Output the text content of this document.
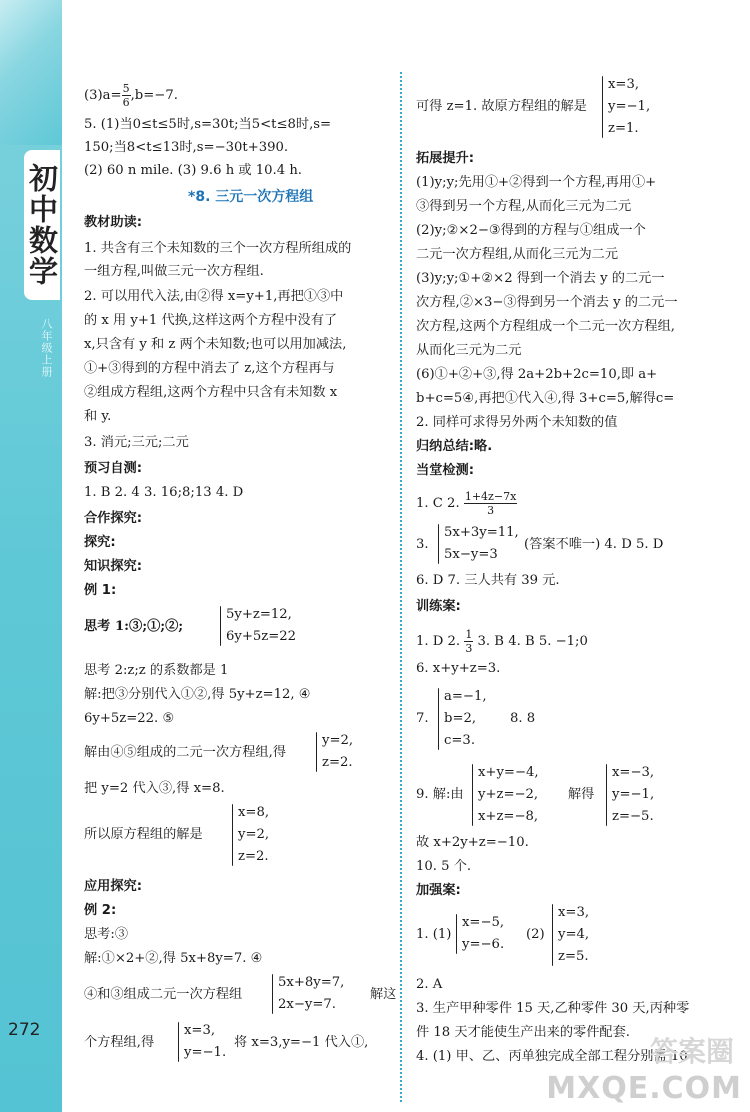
初中数学
八年级上册
272

$(3)a= \frac{5}{6} ,b=-7$.

5. (1)当0≤t≤5时,s=30t;当5<t≤8时,s=

150;当8<t≤13时,s=−30t+390.

(2) 60 n mile. (3) 9.6 h 或 10.4 h.

*8. 三元一次方程组

教材助读:

1. 共含有三个未知数的三个一次方程所组成的

一组方程,叫做三元一次方程组.

2. 可以用代入法,由②得 x=y+1,再把①③中

的 x 用 y+1 代换,这样这两个方程中没有了

x,只含有 y 和 z 两个未知数;也可以用加减法,

①+③得到的方程中消去了 z,这个方程再与

②组成方程组,这两个方程中只含有未知数 x

和 y.

3. 消元;三元;二元

预习自测:

1. B 2. 4 3. 16;8;13 4. D

合作探究:

探究:

知识探究:

例 1:

思考 1:③;①;②;

5y+z=12,

6y+5z=22

思考 2:z;z 的系数都是 1

解:把③分别代入①②,得 5y+z=12, ④

6y+5z=22. ⑤

解由④⑤组成的二元一次方程组,得

y=2,

z=2.

把 y=2 代入③,得 x=8.

所以原方程组的解是

x=8,

y=2,

z=2.

应用探究:

例 2:

思考:③

解:①×2+②,得 5x+8y=7. ④

④和③组成二元一次方程组

5x+8y=7,

2x−y=7.

解这

个方程组,得

x=3,

y=−1.

将 x=3,y=−1 代入①,

可得 z=1. 故原方程组的解是

x=3,

y=−1,

z=1.

拓展提升:

(1)y;y;先用①+②得到一个方程,再用①+

③得到另一个方程,从而化三元为二元

(2)y;②×2−③得到的方程与①组成一个

二元一次方程组,从而化三元为二元

(3)y;y;①+②×2 得到一个消去 y 的二元一

次方程,②×3−③得到另一个消去 y 的二元一

次方程,这两个方程组成一个二元一次方程组,

从而化三元为二元

(6)①+②+③,得 2a+2b+2c=10,即 a+

b+c=5④,再把①代入④,得 3+c=5,解得c=

2. 同样可求得另外两个未知数的值

归纳总结:略.

当堂检测:

1. C 2. $\frac{1+4z-7x}{3}$

3.

5x+3y=11,

5x−y=3

(答案不唯一) 4. D 5. D

6. D 7. 三人共有 39 元.

训练案:

1. D 2. $\frac{1}{3} 3$. B 4. B 5. −1;0

6. x+y+z=3.

7.

a=−1,

b=2,

c=3.

8. 8

9. 解:由

x+y=−4,

y+z=−2,

x+z=−8,

解得

x=−3,

y=−1,

z=−5.

故 x+2y+z=−10.

10. 5 个.

加强案:

1. (1)

x=−5,

y=−6.

(2)

x=3,

y=4,

z=5.

2. A

3. 生产甲种零件 15 天,乙种零件 30 天,丙种零

件 18 天才能使生产出来的零件配套.

4. (1) 甲、乙、丙单独完成全部工程分别需 10

答案圈
MXQE.COM
